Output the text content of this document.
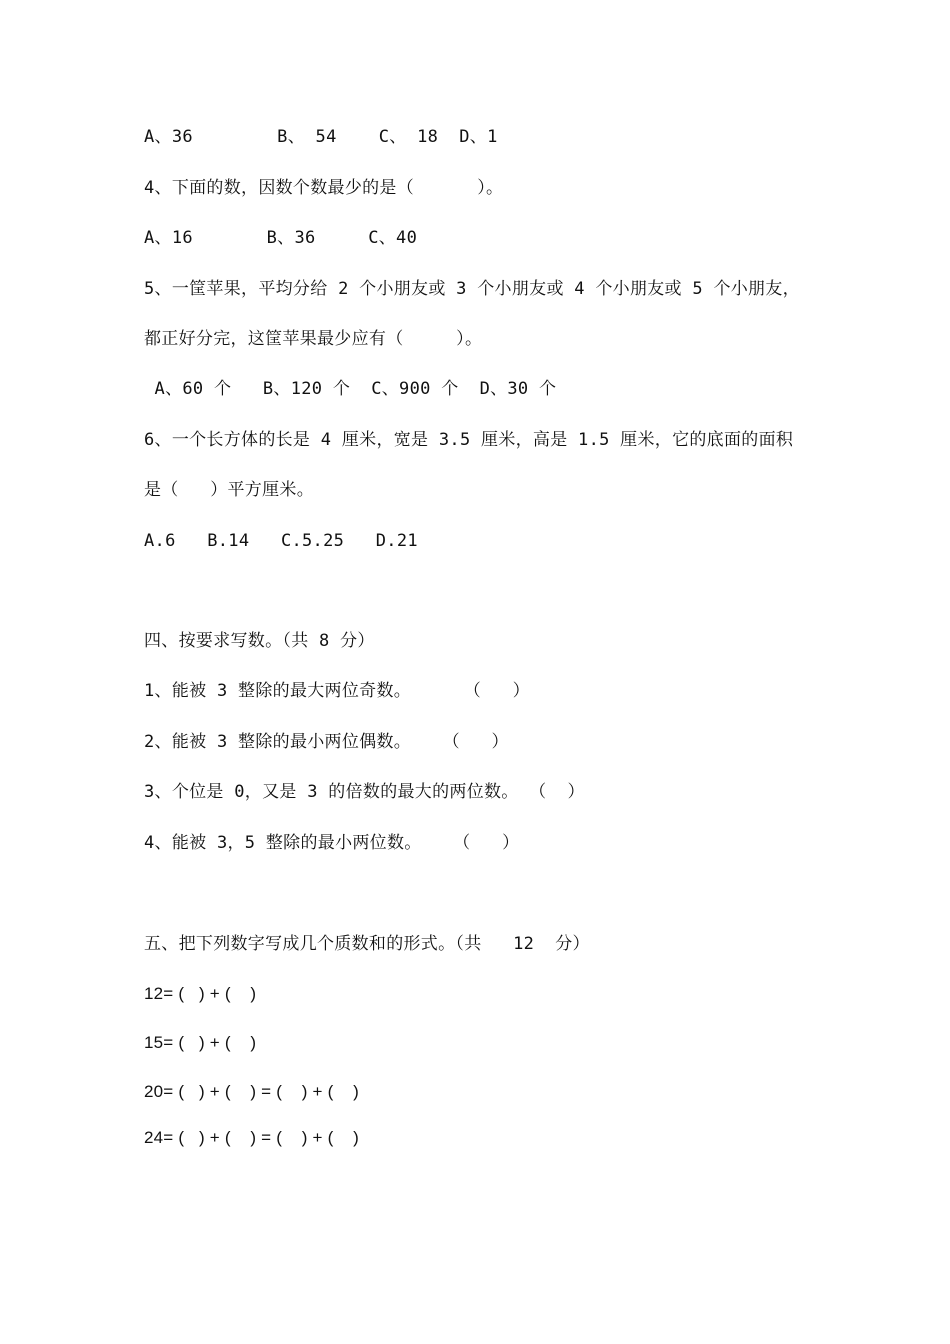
A、36        B、 54    C、 18  D、1
4、下面的数，因数个数最少的是（      ）。
A、16       B、36     C、40
5、一筐苹果，平均分给 2 个小朋友或 3 个小朋友或 4 个小朋友或 5 个小朋友，
都正好分完，这筐苹果最少应有（     ）。
A、60 个   B、120 个  C、900 个  D、30 个
6、一个长方体的长是 4 厘米，宽是 3.5 厘米，高是 1.5 厘米，它的底面的面积
是（   ）平方厘米。
A.6   B.14   C.5.25   D.21
四、按要求写数。（共 8 分）
1、能被 3 整除的最大两位奇数。     （   ）
2、能被 3 整除的最小两位偶数。   （   ）
3、个位是 0，又是 3 的倍数的最大的两位数。 （  ）
4、能被 3，5 整除的最小两位数。   （   ）
五、把下列数字写成几个质数和的形式。（共   12  分）
12= (   ) + (    )
15= (   ) + (    )
20= (   ) + (    ) = (    ) + (    )
24= (   ) + (    ) = (    ) + (    )
